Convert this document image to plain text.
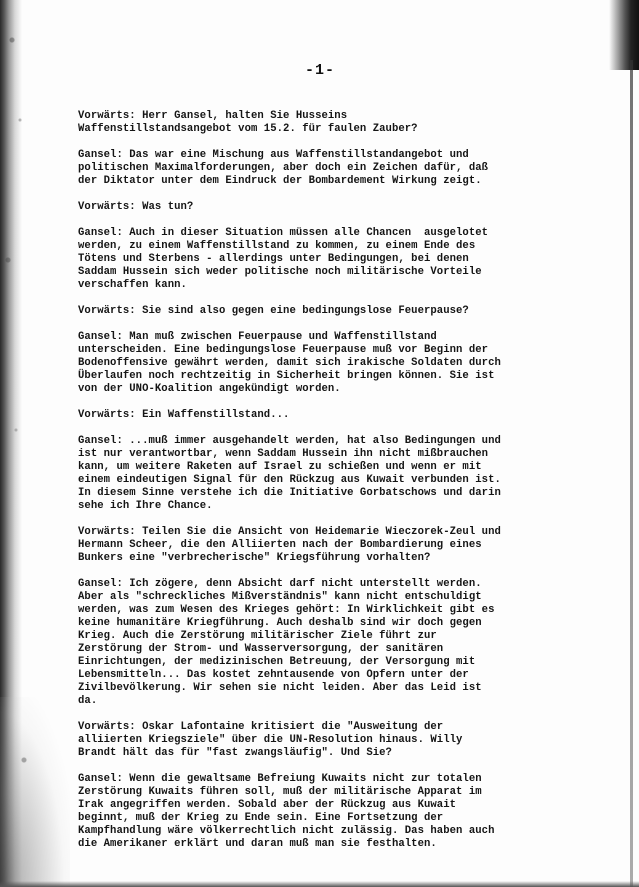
-1-
Vorwärts: Herr Gansel, halten Sie Husseins
Waffenstillstandsangebot vom 15.2. für faulen Zauber?
Gansel: Das war eine Mischung aus Waffenstillstandangebot und
politischen Maximalforderungen, aber doch ein Zeichen dafür, daß
der Diktator unter dem Eindruck der Bombardement Wirkung zeigt.
Vorwärts: Was tun?
Gansel: Auch in dieser Situation müssen alle Chancen  ausgelotet
werden, zu einem Waffenstillstand zu kommen, zu einem Ende des
Tötens und Sterbens - allerdings unter Bedingungen, bei denen
Saddam Hussein sich weder politische noch militärische Vorteile
verschaffen kann.
Vorwärts: Sie sind also gegen eine bedingungslose Feuerpause?
Gansel: Man muß zwischen Feuerpause und Waffenstillstand
unterscheiden. Eine bedingungslose Feuerpause muß vor Beginn der
Bodenoffensive gewährt werden, damit sich irakische Soldaten durch
Überlaufen noch rechtzeitig in Sicherheit bringen können. Sie ist
von der UNO-Koalition angekündigt worden.
Vorwärts: Ein Waffenstillstand...
Gansel: ...muß immer ausgehandelt werden, hat also Bedingungen und
ist nur verantwortbar, wenn Saddam Hussein ihn nicht mißbrauchen
kann, um weitere Raketen auf Israel zu schießen und wenn er mit
einem eindeutigen Signal für den Rückzug aus Kuwait verbunden ist.
In diesem Sinne verstehe ich die Initiative Gorbatschows und darin
sehe ich Ihre Chance.
Vorwärts: Teilen Sie die Ansicht von Heidemarie Wieczorek-Zeul und
Hermann Scheer, die den Alliierten nach der Bombardierung eines
Bunkers eine "verbrecherische" Kriegsführung vorhalten?
Gansel: Ich zögere, denn Absicht darf nicht unterstellt werden.
Aber als "schreckliches Mißverständnis" kann nicht entschuldigt
werden, was zum Wesen des Krieges gehört: In Wirklichkeit gibt es
keine humanitäre Kriegführung. Auch deshalb sind wir doch gegen
Krieg. Auch die Zerstörung militärischer Ziele führt zur
Zerstörung der Strom- und Wasserversorgung, der sanitären
Einrichtungen, der medizinischen Betreuung, der Versorgung mit
Lebensmitteln... Das kostet zehntausende von Opfern unter der
Zivilbevölkerung. Wir sehen sie nicht leiden. Aber das Leid ist
da.
Vorwärts: Oskar Lafontaine kritisiert die "Ausweitung der
alliierten Kriegsziele" über die UN-Resolution hinaus. Willy
Brandt hält das für "fast zwangsläufig". Und Sie?
Gansel: Wenn die gewaltsame Befreiung Kuwaits nicht zur totalen
Zerstörung Kuwaits führen soll, muß der militärische Apparat im
Irak angegriffen werden. Sobald aber der Rückzug aus Kuwait
beginnt, muß der Krieg zu Ende sein. Eine Fortsetzung der
Kampfhandlung wäre völkerrechtlich nicht zulässig. Das haben auch
die Amerikaner erklärt und daran muß man sie festhalten.
